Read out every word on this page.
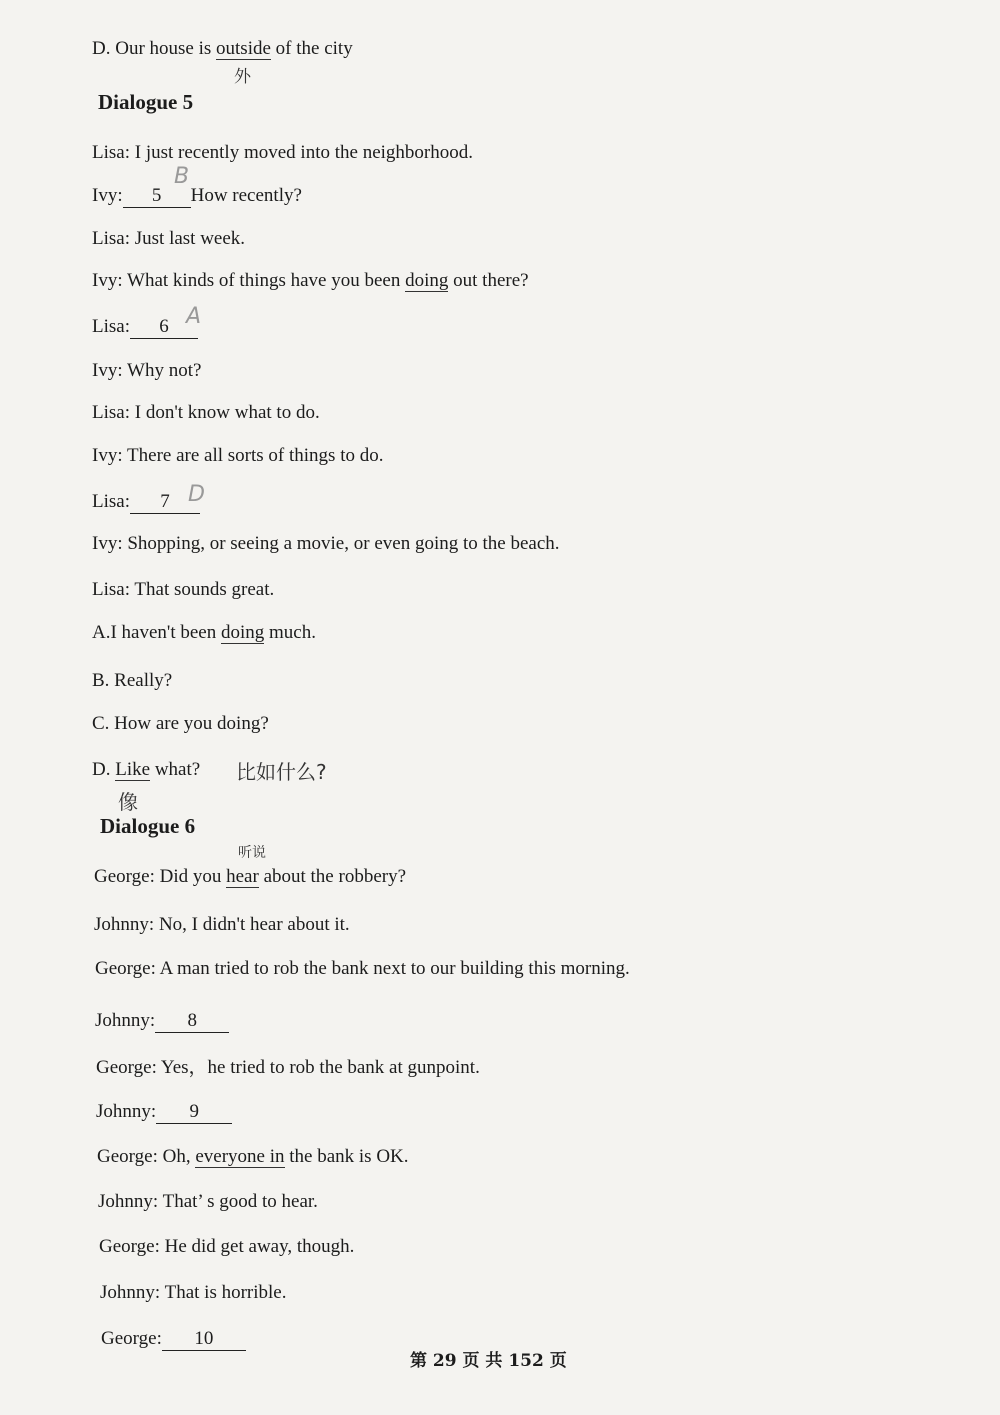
D. Our house is outside of the city
外
Dialogue 5
Lisa: I just recently moved into the neighborhood.
Ivy: 5 How recently?
B
Lisa: Just last week.
Ivy: What kinds of things have you been doing out there?
Lisa: 6 A
Ivy: Why not?
Lisa: I don't know what to do.
Ivy: There are all sorts of things to do.
Lisa: 7 D
Ivy: Shopping, or seeing a movie, or even going to the beach.
Lisa: That sounds great.
A.I haven't been doing much.
B. Really?
C. How are you doing?
D. Like what? 比如什么?
像
Dialogue 6
听说
George: Did you hear about the robbery?
Johnny: No, I didn't hear about it.
George: A man tried to rob the bank next to our building this morning.
Johnny: 8
George: Yes，he tried to rob the bank at gunpoint.
Johnny: 9
George: Oh, everyone in the bank is OK.
Johnny: That’ s good to hear.
George: He did get away, though.
Johnny: That is horrible.
George: 10
第 29 页 共 152 页
